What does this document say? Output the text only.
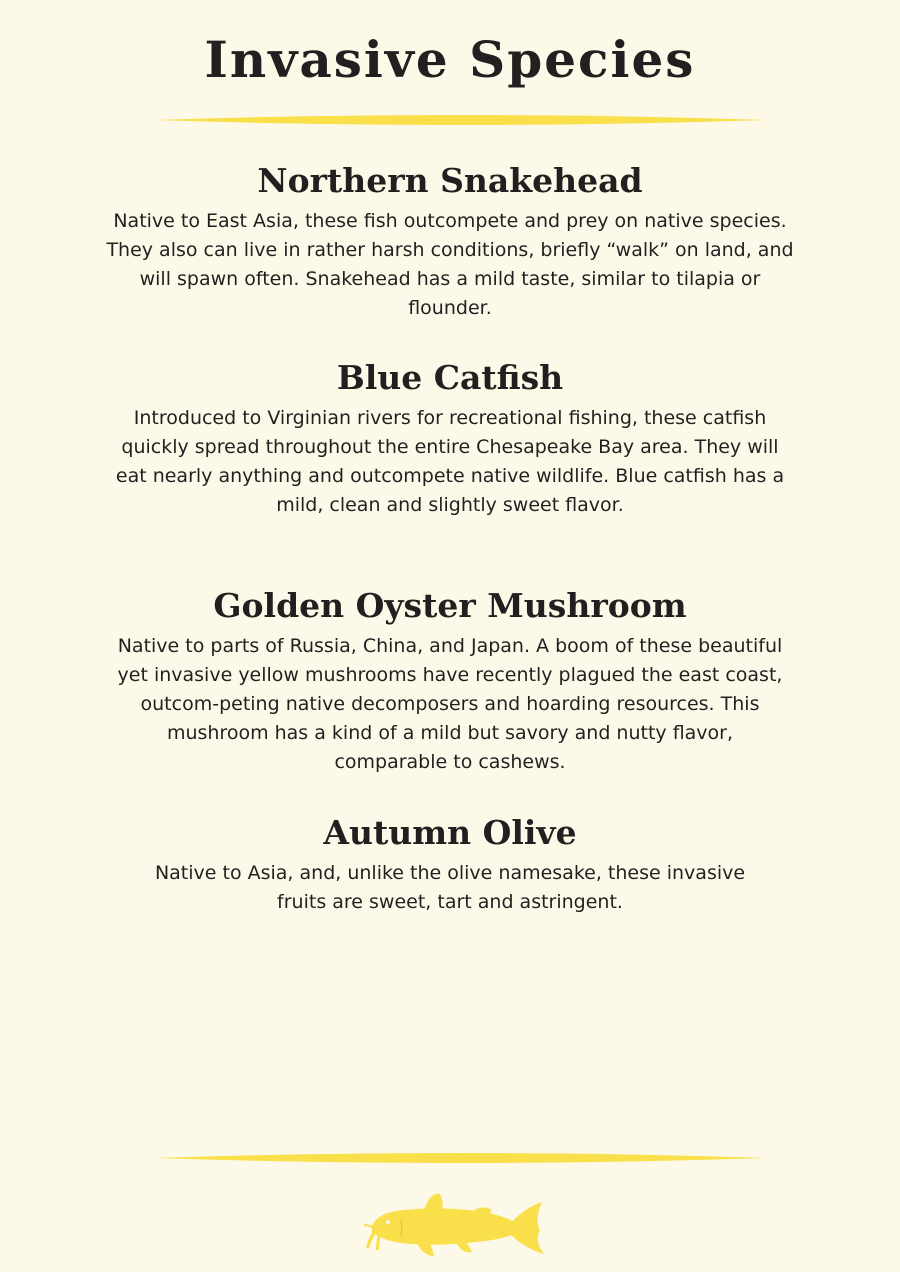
Invasive Species
Northern Snakehead

Native to East Asia, these fish outcompete and prey on native species. They also can live in rather harsh conditions, briefly “walk” on land, and will spawn often. Snakehead has a mild taste, similar to tilapia or flounder.

Blue Catfish

Introduced to Virginian rivers for recreational fishing, these catfish quickly spread throughout the entire Chesapeake Bay area. They will eat nearly anything and outcompete native wildlife. Blue catfish has a mild, clean and slightly sweet flavor.

Golden Oyster Mushroom

Native to parts of Russia, China, and Japan. A boom of these beautiful yet invasive yellow mushrooms have recently plagued the east coast, outcom-peting native decomposers and hoarding resources. This mushroom has a kind of a mild but savory and nutty flavor, comparable to cashews.

Autumn Olive

Native to Asia, and, unlike the olive namesake, these invasive fruits are sweet, tart and astringent.
